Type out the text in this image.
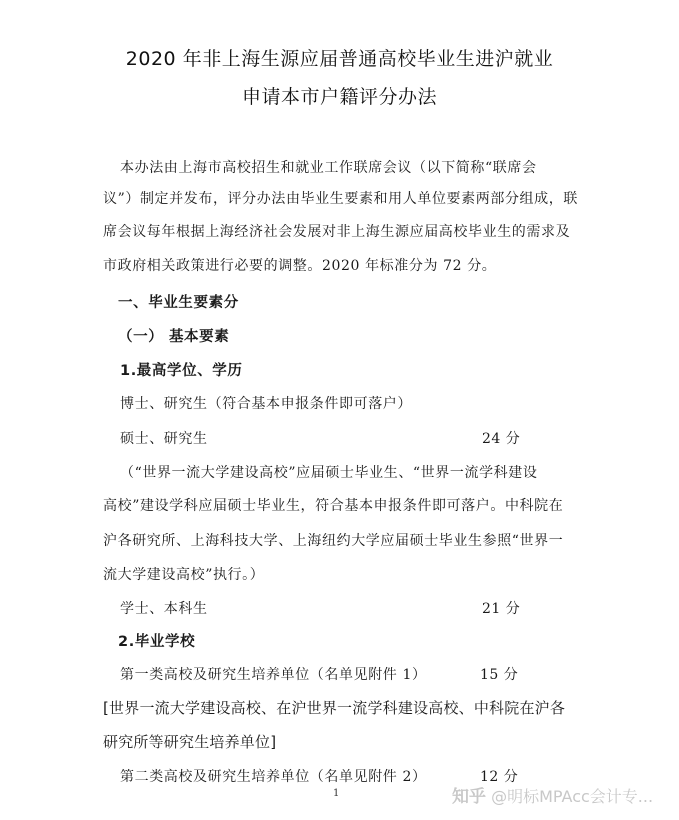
2020 年非上海生源应届普通高校毕业生进沪就业
申请本市户籍评分办法
本办法由上海市高校招生和就业工作联席会议（以下简称“联席会
议”）制定并发布，评分办法由毕业生要素和用人单位要素两部分组成，联
席会议每年根据上海经济社会发展对非上海生源应届高校毕业生的需求及
市政府相关政策进行必要的调整。2020 年标准分为 72 分。
一、毕业生要素分
（一） 基本要素
1.最高学位、学历
博士、研究生（符合基本申报条件即可落户）
硕士、研究生	24 分
（“世界一流大学建设高校”应届硕士毕业生、“世界一流学科建设
高校”建设学科应届硕士毕业生，符合基本申报条件即可落户。中科院在
沪各研究所、上海科技大学、上海纽约大学应届硕士毕业生参照“世界一
流大学建设高校”执行。）
学士、本科生	21 分
2.毕业学校
第一类高校及研究生培养单位（名单见附件 1）	15 分
[世界一流大学建设高校、在沪世界一流学科建设高校、中科院在沪各
研究所等研究生培养单位]
第二类高校及研究生培养单位（名单见附件 2）	12 分
1	知乎 @明标MPAcc会计专...
